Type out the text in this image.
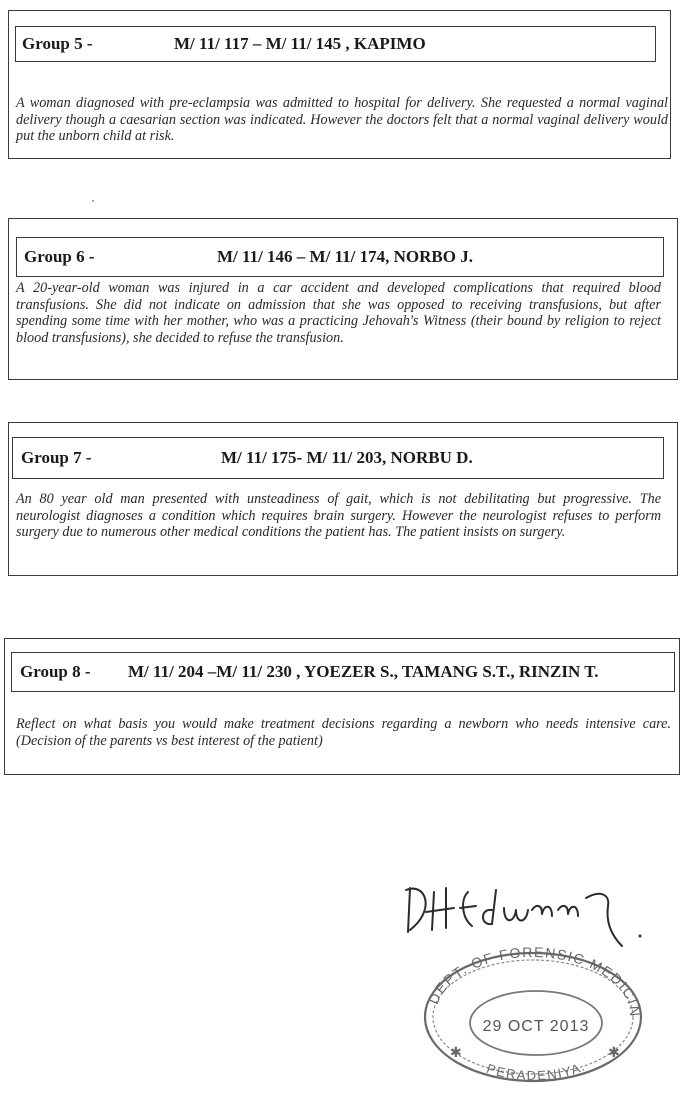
Group 5 -	M/ 11/ 117 – M/ 11/ 145 , KAPIMO

A woman diagnosed with pre-eclampsia was admitted to hospital for delivery. She requested a normal vaginal delivery though a caesarian section was indicated. However the doctors felt that a normal vaginal delivery would put the unborn child at risk.

Group 6 -	M/ 11/ 146 – M/ 11/ 174, NORBO J.

A 20-year-old woman was injured in a car accident and developed complications that required blood transfusions. She did not indicate on admission that she was opposed to receiving transfusions, but after spending some time with her mother, who was a practicing Jehovah's Witness (their bound by religion to reject blood transfusions), she decided to refuse the transfusion.

Group 7 -	M/ 11/ 175- M/ 11/ 203, NORBU D.

An 80 year old man presented with unsteadiness of gait, which is not debilitating but progressive. The neurologist diagnoses a condition which requires brain surgery. However the neurologist refuses to perform surgery due to numerous other medical conditions the patient has. The patient insists on surgery.

Group 8 - M/ 11/ 204 –M/ 11/ 230 , YOEZER S., TAMANG S.T., RINZIN T.

Reflect on what basis you would make treatment decisions regarding a newborn who needs intensive care. (Decision of the parents vs best interest of the patient)

DEPT. OF FORENSIC MEDICIN
29 OCT 2013
PERADENIYA.
✱	✱
